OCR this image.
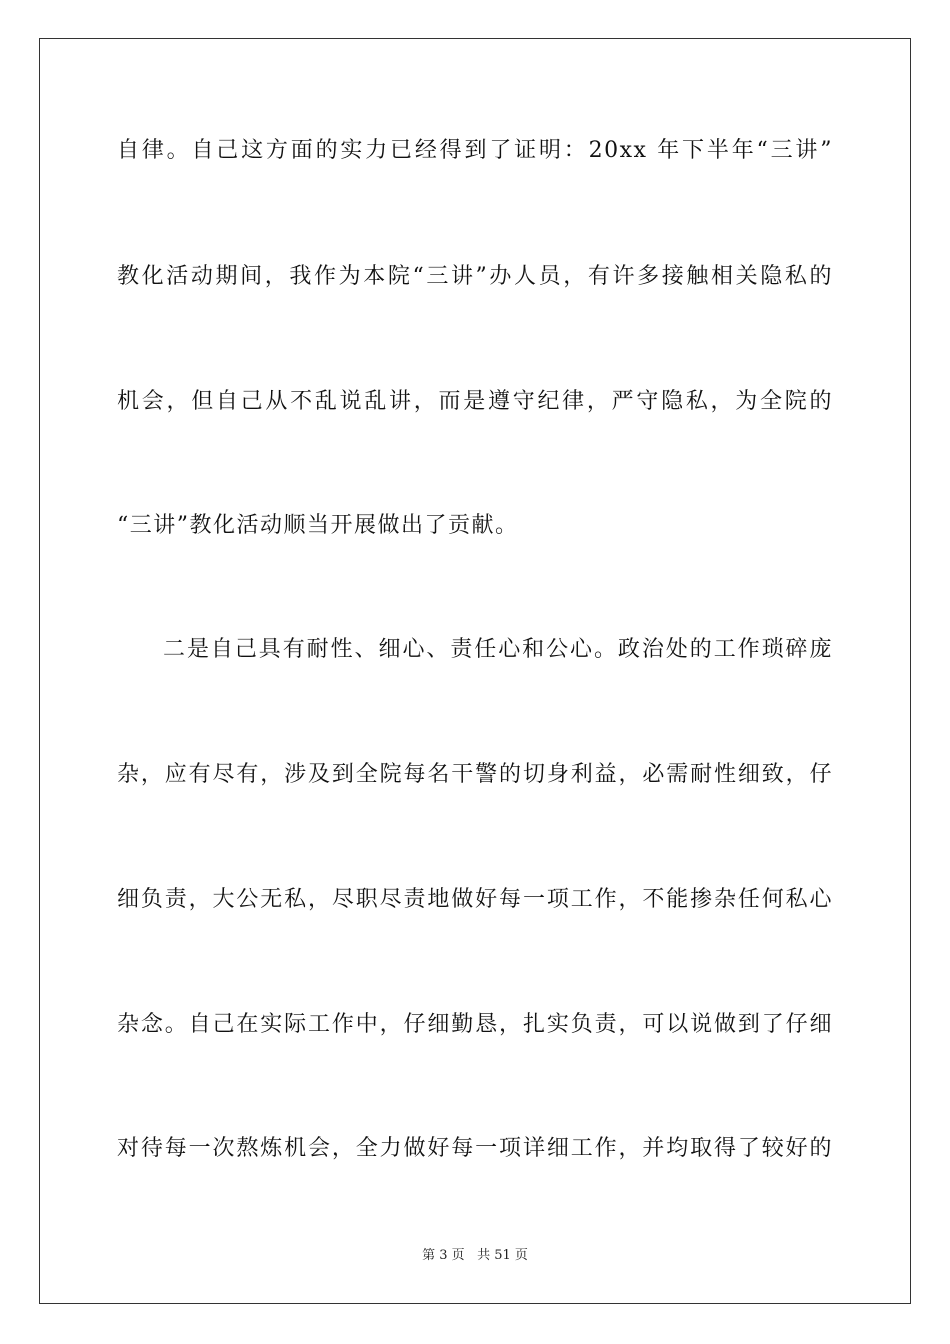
自律。自己这方面的实力已经得到了证明：20xx 年下半年“三讲”
教化活动期间，我作为本院“三讲”办人员，有许多接触相关隐私的
机会，但自己从不乱说乱讲，而是遵守纪律，严守隐私，为全院的
“三讲”教化活动顺当开展做出了贡献。
二是自己具有耐性、细心、责任心和公心。政治处的工作琐碎庞
杂，应有尽有，涉及到全院每名干警的切身利益，必需耐性细致，仔
细负责，大公无私，尽职尽责地做好每一项工作，不能掺杂任何私心
杂念。自己在实际工作中，仔细勤恳，扎实负责，可以说做到了仔细
对待每一次熬炼机会，全力做好每一项详细工作，并均取得了较好的
第 3 页 共 51 页
